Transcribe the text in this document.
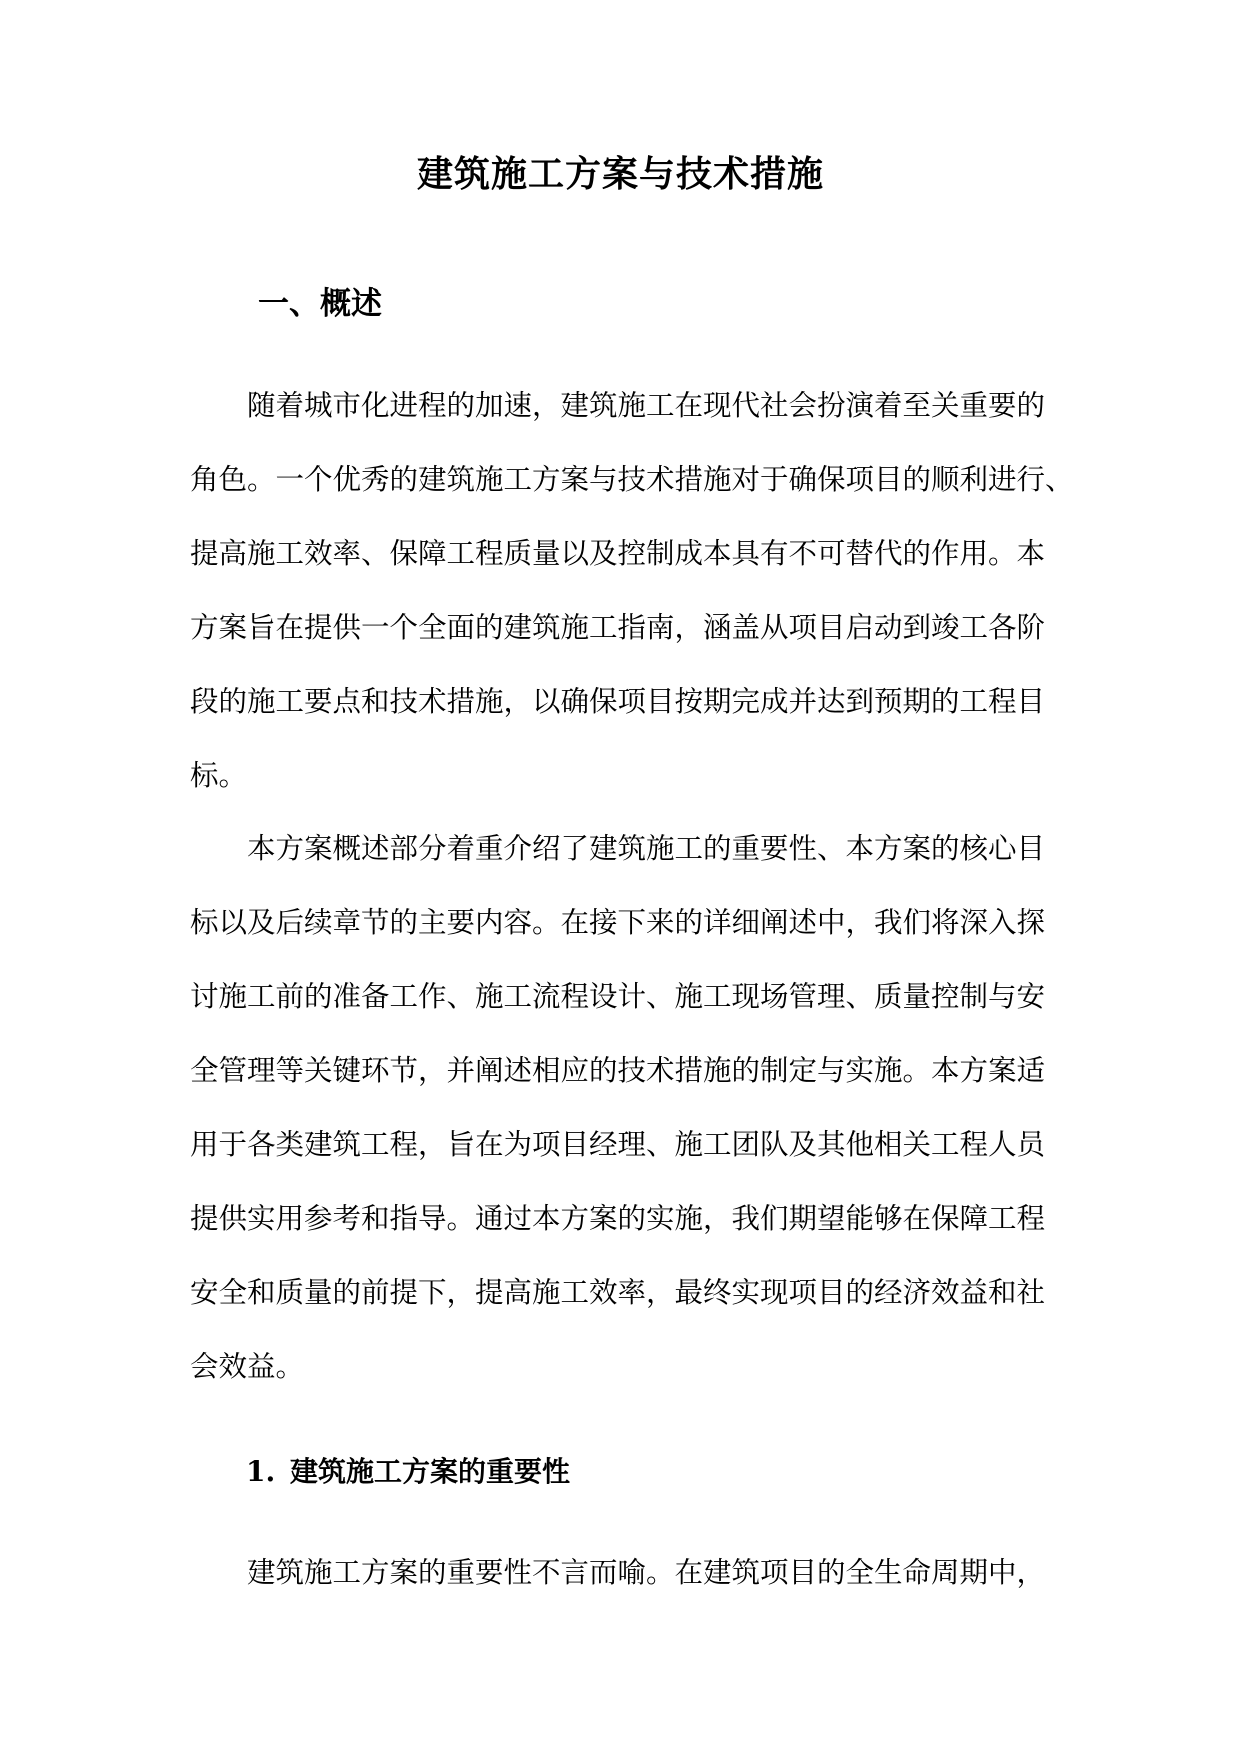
建筑施工方案与技术措施
一、概述
随着城市化进程的加速，建筑施工在现代社会扮演着至关重要的
角色。一个优秀的建筑施工方案与技术措施对于确保项目的顺利进行、
提高施工效率、保障工程质量以及控制成本具有不可替代的作用。本
方案旨在提供一个全面的建筑施工指南，涵盖从项目启动到竣工各阶
段的施工要点和技术措施，以确保项目按期完成并达到预期的工程目
标。
本方案概述部分着重介绍了建筑施工的重要性、本方案的核心目
标以及后续章节的主要内容。在接下来的详细阐述中，我们将深入探
讨施工前的准备工作、施工流程设计、施工现场管理、质量控制与安
全管理等关键环节，并阐述相应的技术措施的制定与实施。本方案适
用于各类建筑工程，旨在为项目经理、施工团队及其他相关工程人员
提供实用参考和指导。通过本方案的实施，我们期望能够在保障工程
安全和质量的前提下，提高施工效率，最终实现项目的经济效益和社
会效益。
1. 建筑施工方案的重要性
建筑施工方案的重要性不言而喻。在建筑项目的全生命周期中，
